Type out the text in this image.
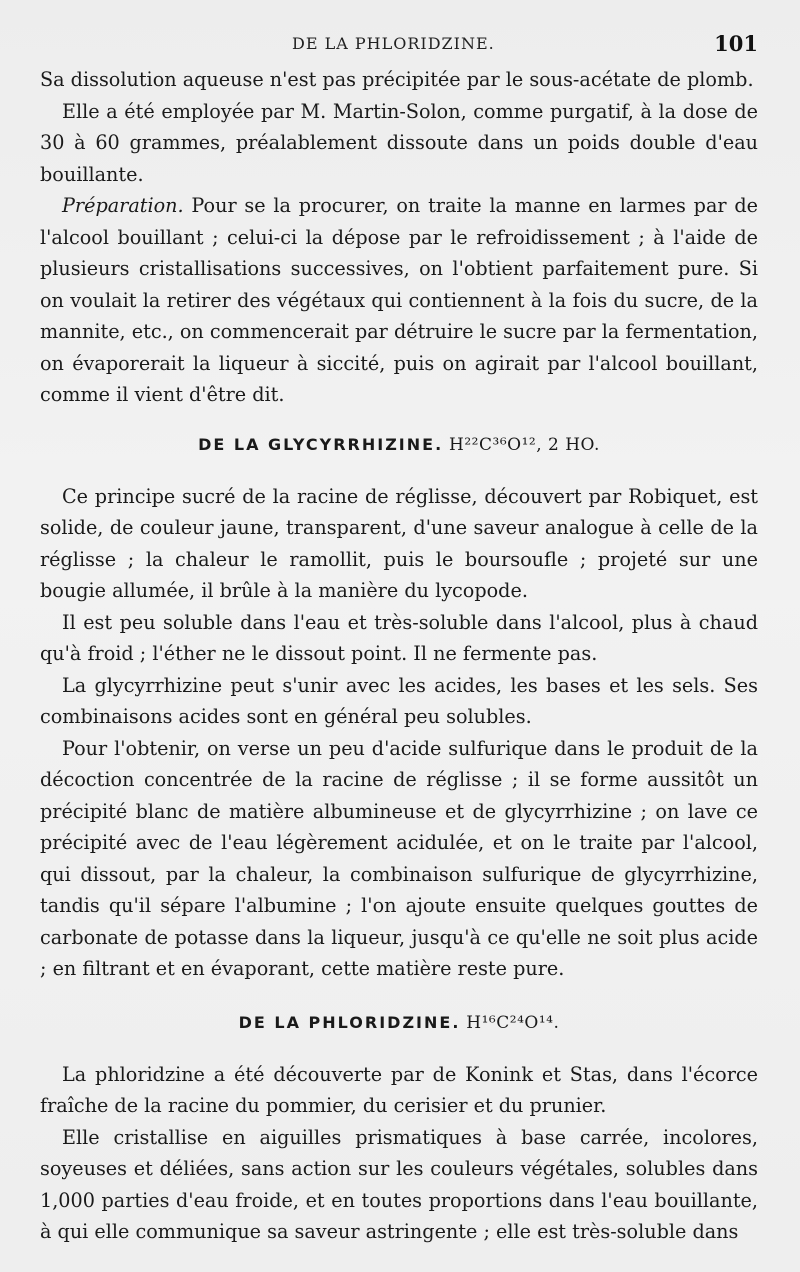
DE LA PHLORIDZINE.	101

Sa dissolution aqueuse n'est pas précipitée par le sous-acétate de plomb.

Elle a été employée par M. Martin-Solon, comme purgatif, à la dose de 30 à 60 grammes, préalablement dissoute dans un poids double d'eau bouillante.

Préparation. Pour se la procurer, on traite la manne en larmes par de l'alcool bouillant ; celui-ci la dépose par le refroidissement ; à l'aide de plusieurs cristallisations successives, on l'obtient parfaitement pure. Si on voulait la retirer des végétaux qui contiennent à la fois du sucre, de la mannite, etc., on commencerait par détruire le sucre par la fermentation, on évaporerait la liqueur à siccité, puis on agirait par l'alcool bouillant, comme il vient d'être dit.

DE LA GLYCYRRHIZINE. H²²C³⁶O¹², 2 HO.

Ce principe sucré de la racine de réglisse, découvert par Robiquet, est solide, de couleur jaune, transparent, d'une saveur analogue à celle de la réglisse ; la chaleur le ramollit, puis le boursoufle ; projeté sur une bougie allumée, il brûle à la manière du lycopode.

Il est peu soluble dans l'eau et très-soluble dans l'alcool, plus à chaud qu'à froid ; l'éther ne le dissout point. Il ne fermente pas.

La glycyrrhizine peut s'unir avec les acides, les bases et les sels. Ses combinaisons acides sont en général peu solubles.

Pour l'obtenir, on verse un peu d'acide sulfurique dans le produit de la décoction concentrée de la racine de réglisse ; il se forme aussitôt un précipité blanc de matière albumineuse et de glycyrrhizine ; on lave ce précipité avec de l'eau légèrement acidulée, et on le traite par l'alcool, qui dissout, par la chaleur, la combinaison sulfurique de glycyrrhizine, tandis qu'il sépare l'albumine ; l'on ajoute ensuite quelques gouttes de carbonate de potasse dans la liqueur, jusqu'à ce qu'elle ne soit plus acide ; en filtrant et en évaporant, cette matière reste pure.

DE LA PHLORIDZINE. H¹⁶C²⁴O¹⁴.

La phloridzine a été découverte par de Konink et Stas, dans l'écorce fraîche de la racine du pommier, du cerisier et du prunier.

Elle cristallise en aiguilles prismatiques à base carrée, incolores, soyeuses et déliées, sans action sur les couleurs végétales, solubles dans 1,000 parties d'eau froide, et en toutes proportions dans l'eau bouillante, à qui elle communique sa saveur astringente ; elle est très-soluble dans
